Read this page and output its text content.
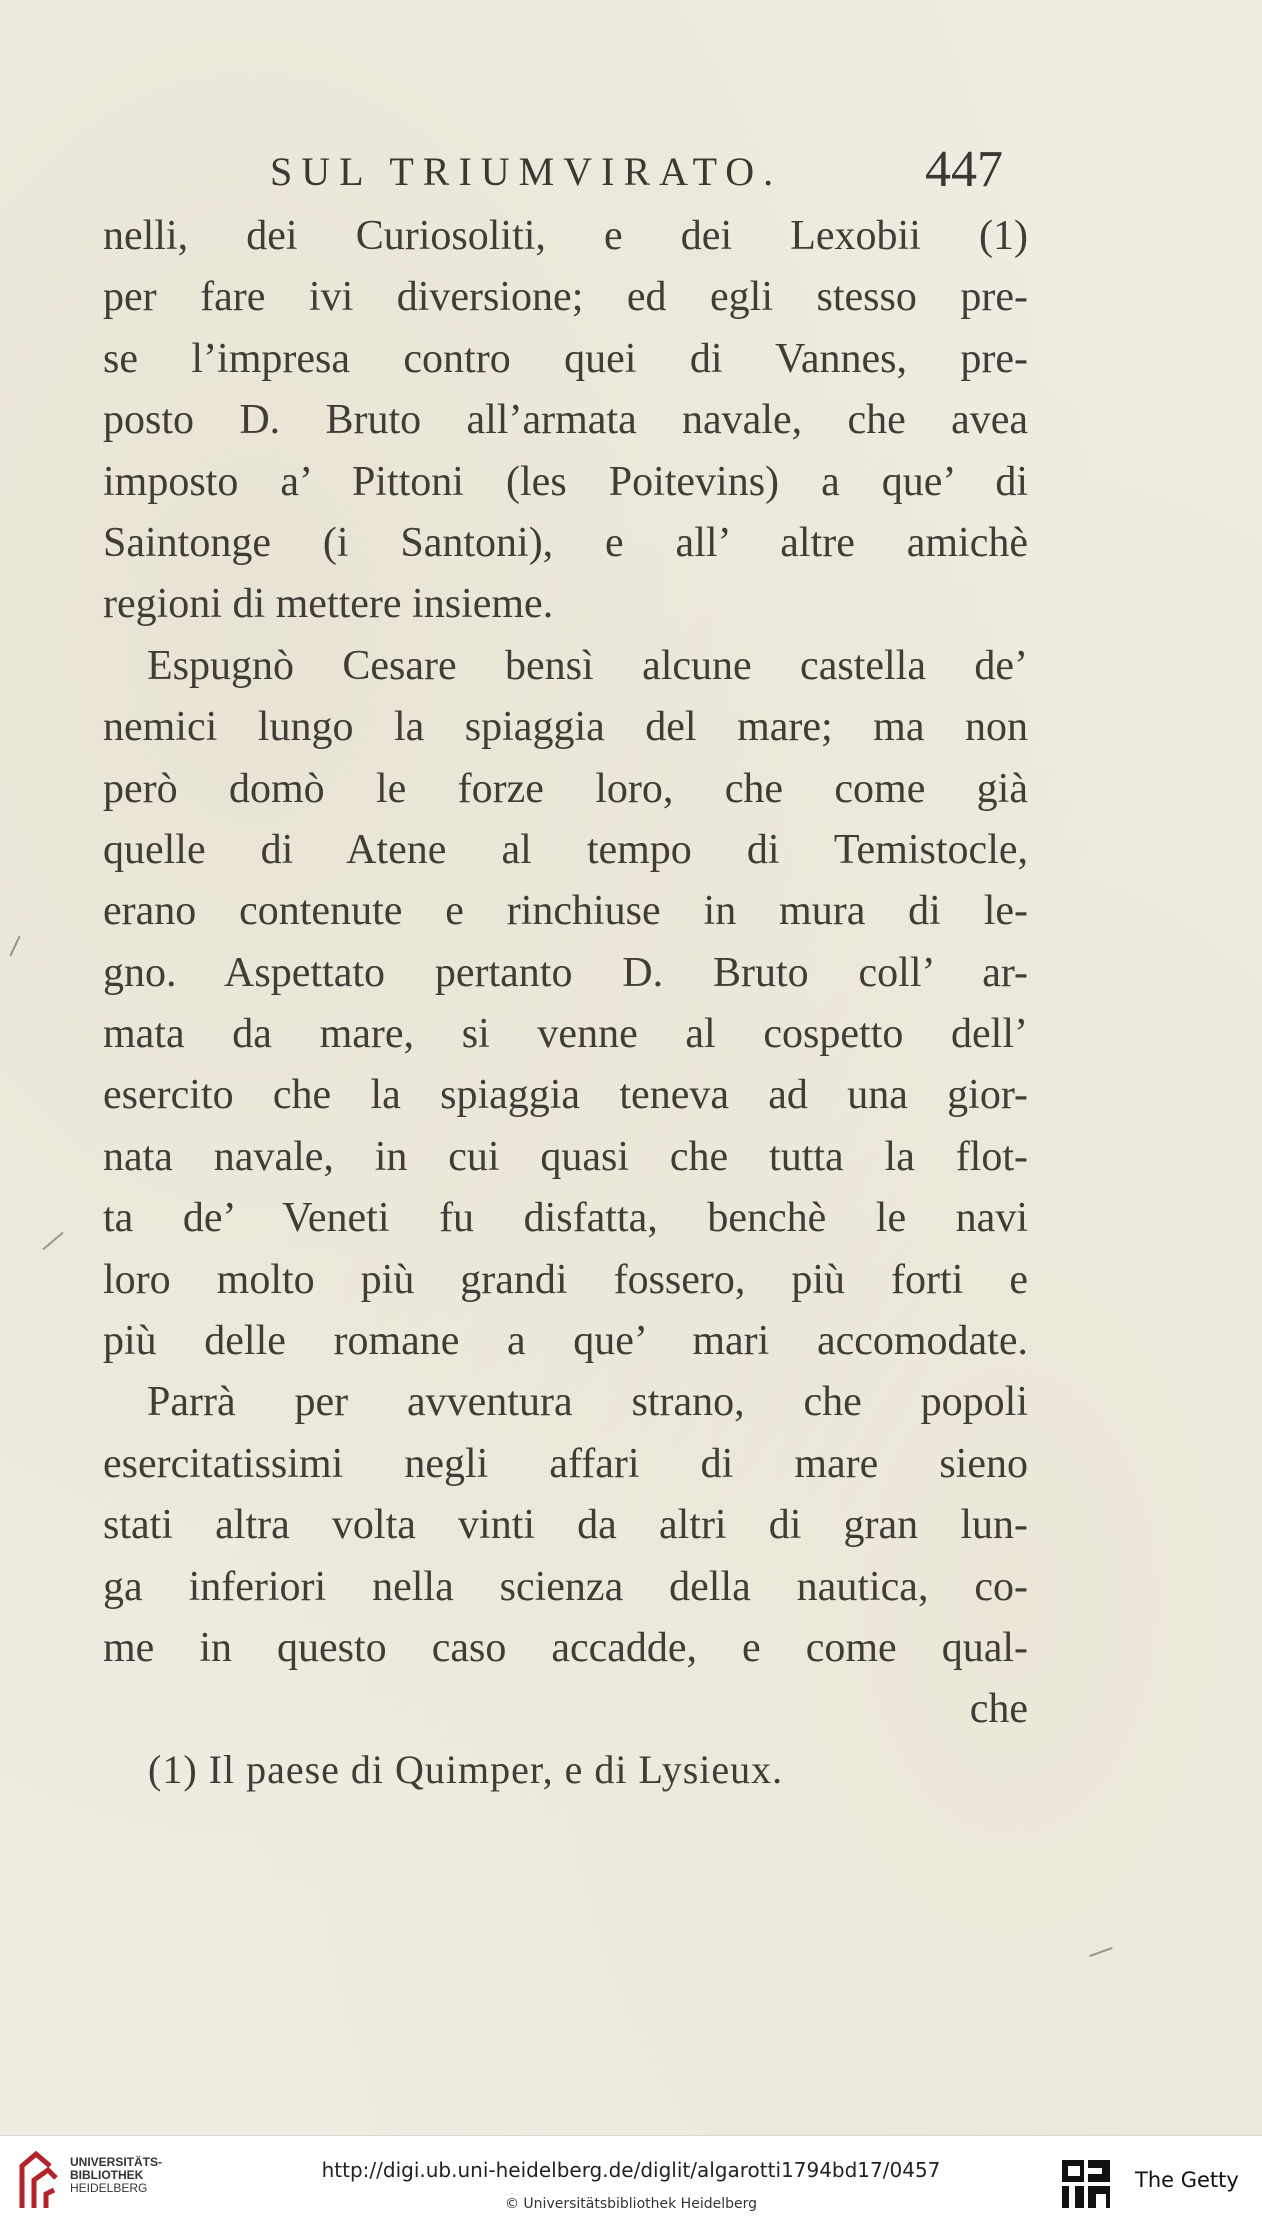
SUL TRIUMVIRATO.	447
nelli, dei Curiosoliti, e dei Lexobii (1)
per fare ivi diversione; ed egli stesso pre-
se l’impresa contro quei di Vannes, pre-
posto D. Bruto all’armata navale, che avea
imposto a’ Pittoni (les Poitevins) a que’ di
Saintonge (i Santoni), e all’ altre amichè
regioni di mettere insieme.
Espugnò Cesare bensì alcune castella de’
nemici lungo la spiaggia del mare; ma non
però domò le forze loro, che come già
quelle di Atene al tempo di Temistocle,
erano contenute e rinchiuse in mura di le-
gno. Aspettato pertanto D. Bruto coll’ ar-
mata da mare, si venne al cospetto dell’
esercito che la spiaggia teneva ad una gior-
nata navale, in cui quasi che tutta la flot-
ta de’ Veneti fu disfatta, benchè le navi
loro molto più grandi fossero, più forti e
più delle romane a que’ mari accomodate.
Parrà per avventura strano, che popoli
esercitatissimi negli affari di mare sieno
stati altra volta vinti da altri di gran lun-
ga inferiori nella scienza della nautica, co-
me in questo caso accadde, e come qual-
che
(1) Il paese di Quimper, e di Lysieux.
UNIVERSITÄTS-
BIBLIOTHEK
HEIDELBERG
http://digi.ub.uni-heidelberg.de/diglit/algarotti1794bd17/0457
© Universitätsbibliothek Heidelberg
The Getty
